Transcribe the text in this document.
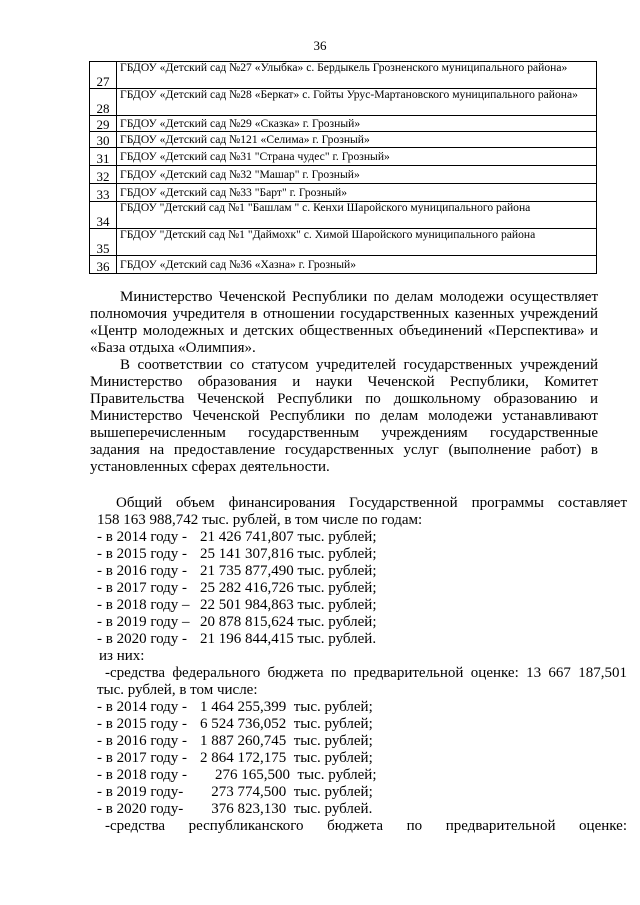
36
27	ГБДОУ «Детский сад №27 «Улыбка» с. Бердыкель Грозненского муниципального района»
28	ГБДОУ «Детский сад №28 «Беркат» с. Гойты Урус-Мартановского муниципального района»
29	ГБДОУ «Детский сад №29 «Сказка» г. Грозный»
30	ГБДОУ «Детский сад №121 «Селима» г. Грозный»
31	ГБДОУ «Детский сад №31 "Страна чудес" г. Грозный»
32	ГБДОУ «Детский сад №32 "Машар" г. Грозный»
33	ГБДОУ «Детский сад №33 "Барт" г. Грозный»
34	ГБДОУ "Детский сад №1 "Башлам " с. Кенхи Шаройского муниципального района
35	ГБДОУ "Детский сад №1 "Даймохк" с. Химой Шаройского муниципального района
36	ГБДОУ «Детский сад №36 «Хазна» г. Грозный»
Министерство Чеченской Республики по делам молодежи осуществляет
полномочия учредителя в отношении государственных казенных учреждений
«Центр молодежных и детских общественных объединений «Перспектива» и
«База отдыха «Олимпия».
В соответствии со статусом учредителей государственных учреждений
Министерство образования и науки Чеченской Республики, Комитет
Правительства Чеченской Республики по дошкольному образованию и
Министерство Чеченской Республики по делам молодежи устанавливают
вышеперечисленным государственным учреждениям государственные
задания на предоставление государственных услуг (выполнение работ) в
установленных сферах деятельности.
Общий объем финансирования Государственной программы составляет
158 163 988,742 тыс. рублей, в том числе по годам:
- в 2014 году - 21 426 741,807 тыс. рублей;
- в 2015 году - 25 141 307,816 тыс. рублей;
- в 2016 году - 21 735 877,490 тыс. рублей;
- в 2017 году - 25 282 416,726 тыс. рублей;
- в 2018 году – 22 501 984,863 тыс. рублей;
- в 2019 году – 20 878 815,624 тыс. рублей;
- в 2020 году - 21 196 844,415 тыс. рублей.
из них:
-средства федерального бюджета по предварительной оценке: 13 667 187,501
тыс. рублей, в том числе:
- в 2014 году - 1 464 255,399  тыс. рублей;
- в 2015 году - 6 524 736,052  тыс. рублей;
- в 2016 году - 1 887 260,745  тыс. рублей;
- в 2017 году - 2 864 172,175  тыс. рублей;
- в 2018 году - 276 165,500  тыс. рублей;
- в 2019 году-	273 774,500  тыс. рублей;
- в 2020 году-	376 823,130  тыс. рублей.
-средства республиканского бюджета по предварительной оценке:
